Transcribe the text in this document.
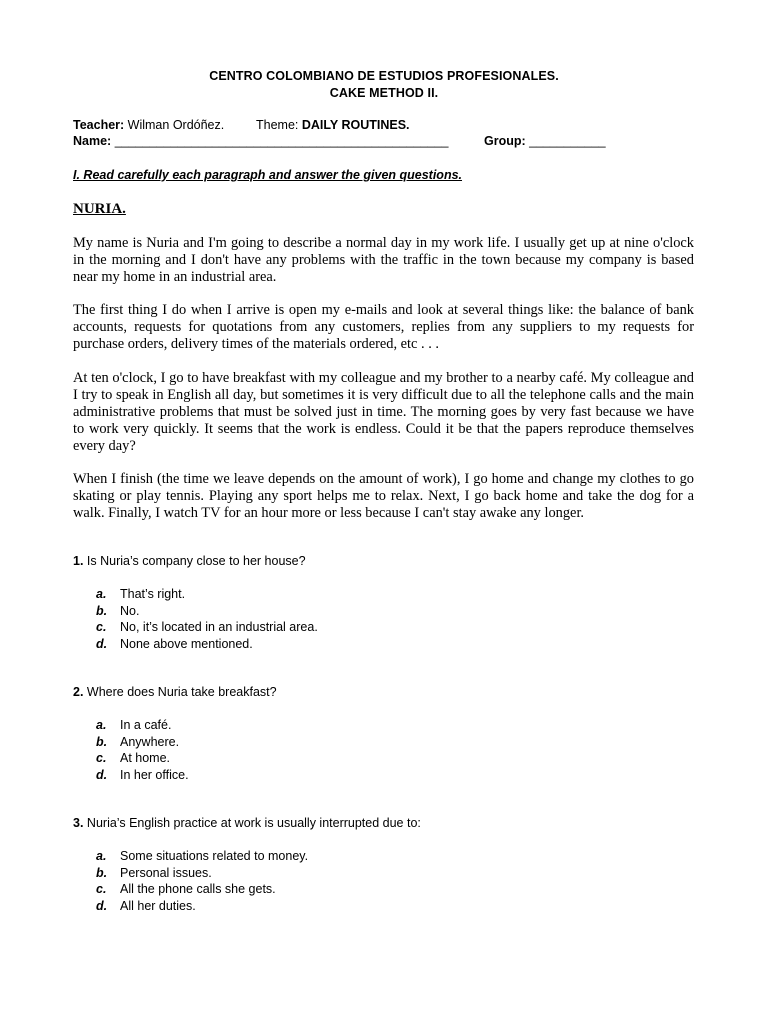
CENTRO COLOMBIANO DE ESTUDIOS PROFESIONALES.
CAKE METHOD II.
Teacher: Wilman Ordóñez.	Theme: DAILY ROUTINES.
Name: ________________________________________________	Group: ___________
I. Read carefully each paragraph and answer the given questions.
NURIA.

My name is Nuria and I'm going to describe a normal day in my work life. I usually get up at nine o'clock in the morning and I don't have any problems with the traffic in the town because my company is based near my home in an industrial area.

The first thing I do when I arrive is open my e-mails and look at several things like: the balance of bank accounts, requests for quotations from any customers, replies from any suppliers to my requests for purchase orders, delivery times of the materials ordered, etc . . .

At ten o'clock, I go to have breakfast with my colleague and my brother to a nearby café. My colleague and I try to speak in English all day, but sometimes it is very difficult due to all the telephone calls and the main administrative problems that must be solved just in time. The morning goes by very fast because we have to work very quickly. It seems that the work is endless. Could it be that the papers reproduce themselves every day?

When I finish (the time we leave depends on the amount of work), I go home and change my clothes to go skating or play tennis. Playing any sport helps me to relax. Next, I go back home and take the dog for a walk. Finally, I watch TV for an hour more or less because I can't stay awake any longer.

1. Is Nuria’s company close to her house?
a. That’s right.
b. No.
c. No, it’s located in an industrial area.
d. None above mentioned.
2. Where does Nuria take breakfast?
a. In a café.
b. Anywhere.
c. At home.
d. In her office.
3. Nuria’s English practice at work is usually interrupted due to:
a. Some situations related to money.
b. Personal issues.
c. All the phone calls she gets.
d. All her duties.
